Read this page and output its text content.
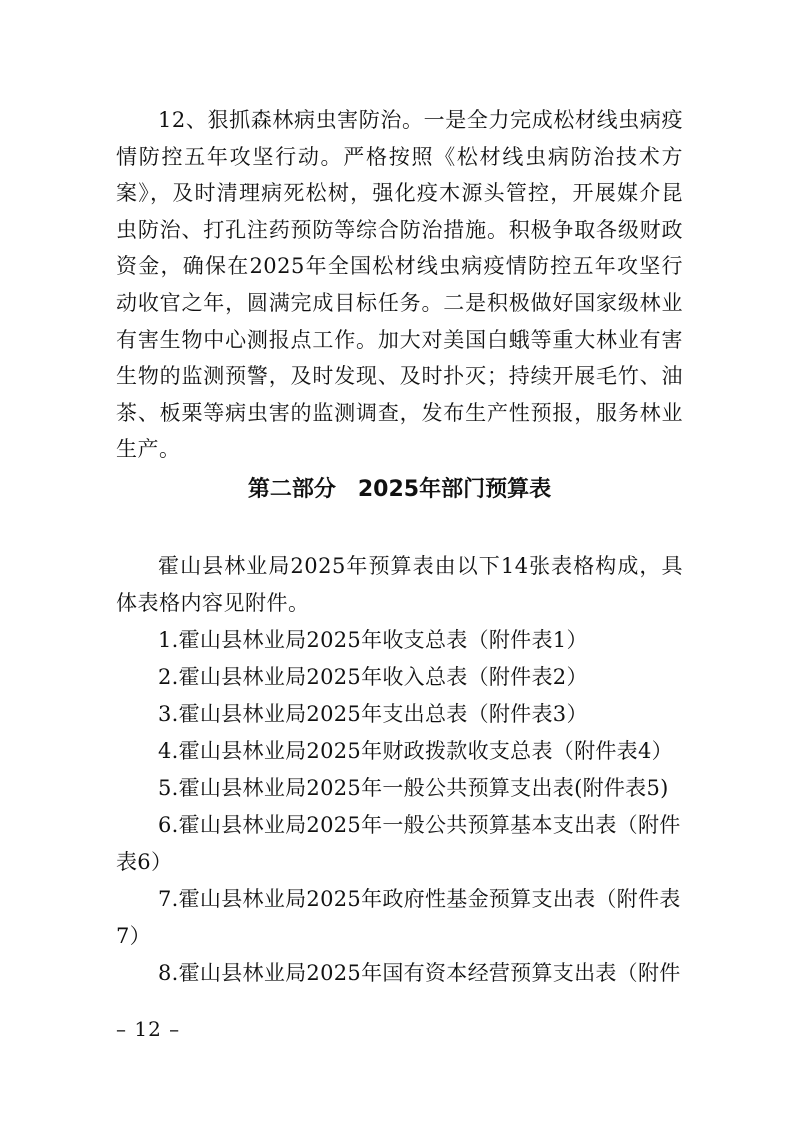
12、狠抓森林病虫害防治。一是全力完成松材线虫病疫情防控五年攻坚行动。严格按照《松材线虫病防治技术方案》，及时清理病死松树，强化疫木源头管控，开展媒介昆虫防治、打孔注药预防等综合防治措施。积极争取各级财政资金，确保在2025年全国松材线虫病疫情防控五年攻坚行动收官之年，圆满完成目标任务。二是积极做好国家级林业有害生物中心测报点工作。加大对美国白蛾等重大林业有害生物的监测预警，及时发现、及时扑灭；持续开展毛竹、油茶、板栗等病虫害的监测调查，发布生产性预报，服务林业生产。

第二部分　2025年部门预算表

霍山县林业局2025年预算表由以下14张表格构成，具体表格内容见附件。

1.霍山县林业局2025年收支总表（附件表1）

2.霍山县林业局2025年收入总表（附件表2）

3.霍山县林业局2025年支出总表（附件表3）

4.霍山县林业局2025年财政拨款收支总表（附件表4）

5.霍山县林业局2025年一般公共预算支出表(附件表5)

6.霍山县林业局2025年一般公共预算基本支出表（附件表6）

7.霍山县林业局2025年政府性基金预算支出表（附件表7）

8.霍山县林业局2025年国有资本经营预算支出表（附件

– 12 –
